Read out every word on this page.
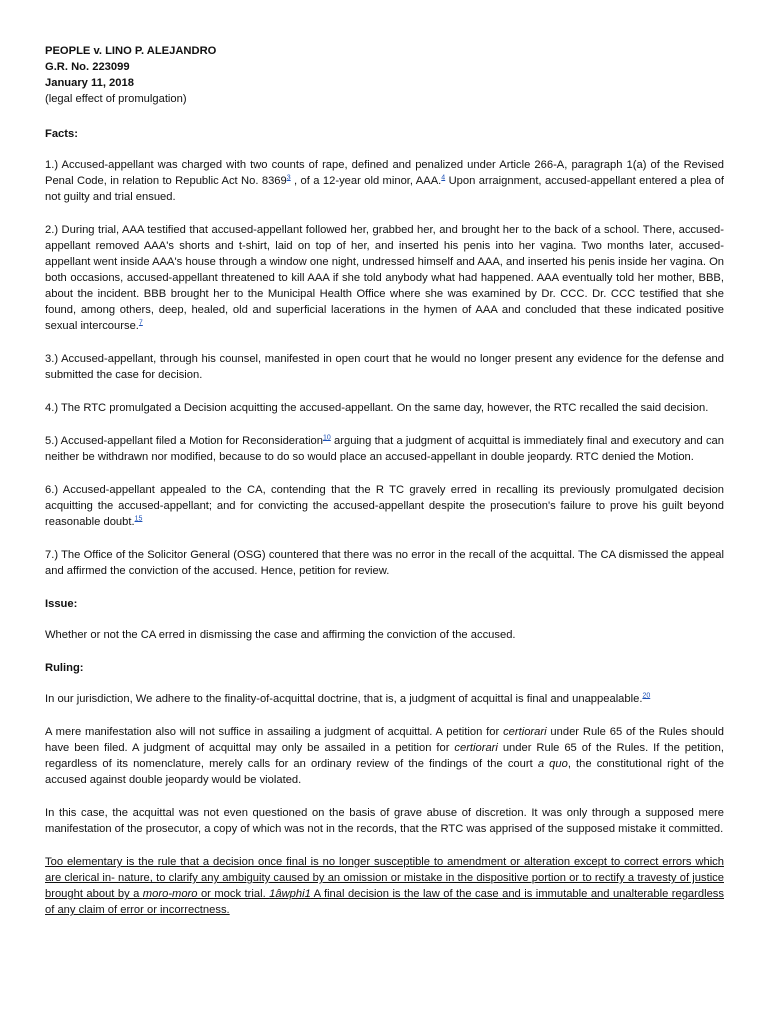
PEOPLE v. LINO P. ALEJANDRO
G.R. No. 223099
January 11, 2018
(legal effect of promulgation)
Facts:

1.) Accused-appellant was charged with two counts of rape, defined and penalized under Article 266-A, paragraph 1(a) of the Revised Penal Code, in relation to Republic Act No. 8369$^3$ , of a 12-year old minor, AAA.$^4$ Upon arraignment, accused-appellant entered a plea of not guilty and trial ensued.

2.) During trial, AAA testified that accused-appellant followed her, grabbed her, and brought her to the back of a school. There, accused-appellant removed AAA's shorts and t-shirt, laid on top of her, and inserted his penis into her vagina. Two months later, accused-appellant went inside AAA's house through a window one night, undressed himself and AAA, and inserted his penis inside her vagina. On both occasions, accused-appellant threatened to kill AAA if she told anybody what had happened. AAA eventually told her mother, BBB, about the incident. BBB brought her to the Municipal Health Office where she was examined by Dr. CCC. Dr. CCC testified that she found, among others, deep, healed, old and superficial lacerations in the hymen of AAA and concluded that these indicated positive sexual intercourse.$^7$

3.) Accused-appellant, through his counsel, manifested in open court that he would no longer present any evidence for the defense and submitted the case for decision.

4.) The RTC promulgated a Decision acquitting the accused-appellant. On the same day, however, the RTC recalled the said decision.

5.) Accused-appellant filed a Motion for Reconsideration$^{10}$ arguing that a judgment of acquittal is immediately final and executory and can neither be withdrawn nor modified, because to do so would place an accused-appellant in double jeopardy. RTC denied the Motion.

6.) Accused-appellant appealed to the CA, contending that the R TC gravely erred in recalling its previously promulgated decision acquitting the accused-appellant; and for convicting the accused-appellant despite the prosecution's failure to prove his guilt beyond reasonable doubt.$^{15}$

7.) The Office of the Solicitor General (OSG) countered that there was no error in the recall of the acquittal. The CA dismissed the appeal and affirmed the conviction of the accused. Hence, petition for review.

Issue:

Whether or not the CA erred in dismissing the case and affirming the conviction of the accused.

Ruling:

In our jurisdiction, We adhere to the finality-of-acquittal doctrine, that is, a judgment of acquittal is final and unappealable.$^{20}$

A mere manifestation also will not suffice in assailing a judgment of acquittal. A petition for certiorari under Rule 65 of the Rules should have been filed. A judgment of acquittal may only be assailed in a petition for certiorari under Rule 65 of the Rules. If the petition, regardless of its nomenclature, merely calls for an ordinary review of the findings of the court a quo, the constitutional right of the accused against double jeopardy would be violated.

In this case, the acquittal was not even questioned on the basis of grave abuse of discretion. It was only through a supposed mere manifestation of the prosecutor, a copy of which was not in the records, that the RTC was apprised of the supposed mistake it committed.

Too elementary is the rule that a decision once final is no longer susceptible to amendment or alteration except to correct errors which are clerical in- nature, to clarify any ambiguity caused by an omission or mistake in the dispositive portion or to rectify a travesty of justice brought about by a moro-moro or mock trial. 1âwphi1 A final decision is the law of the case and is immutable and unalterable regardless of any claim of error or incorrectness.
